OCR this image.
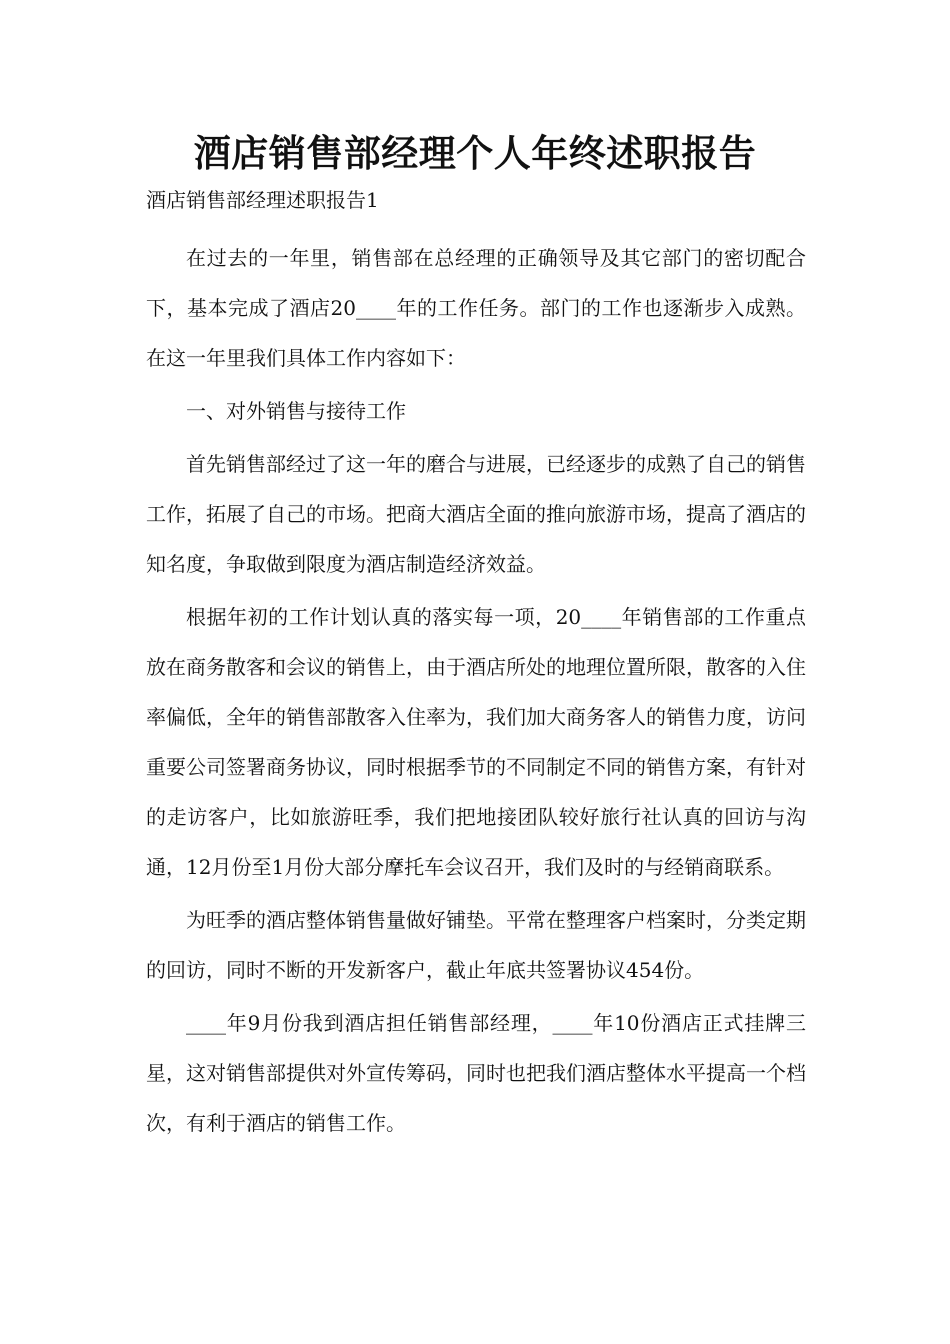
酒店销售部经理个人年终述职报告

酒店销售部经理述职报告1

在过去的一年里，销售部在总经理的正确领导及其它部门的密切配合下，基本完成了酒店20____年的工作任务。部门的工作也逐渐步入成熟。在这一年里我们具体工作内容如下：

一、对外销售与接待工作

首先销售部经过了这一年的磨合与进展，已经逐步的成熟了自己的销售工作，拓展了自己的市场。把商大酒店全面的推向旅游市场，提高了酒店的知名度，争取做到限度为酒店制造经济效益。

根据年初的工作计划认真的落实每一项，20____年销售部的工作重点放在商务散客和会议的销售上，由于酒店所处的地理位置所限，散客的入住率偏低，全年的销售部散客入住率为，我们加大商务客人的销售力度，访问重要公司签署商务协议，同时根据季节的不同制定不同的销售方案，有针对的走访客户，比如旅游旺季，我们把地接团队较好旅行社认真的回访与沟通，12月份至1月份大部分摩托车会议召开，我们及时的与经销商联系。

为旺季的酒店整体销售量做好铺垫。平常在整理客户档案时，分类定期的回访，同时不断的开发新客户，截止年底共签署协议454份。

____年9月份我到酒店担任销售部经理，____年10份酒店正式挂牌三星，这对销售部提供对外宣传筹码，同时也把我们酒店整体水平提高一个档次，有利于酒店的销售工作。
